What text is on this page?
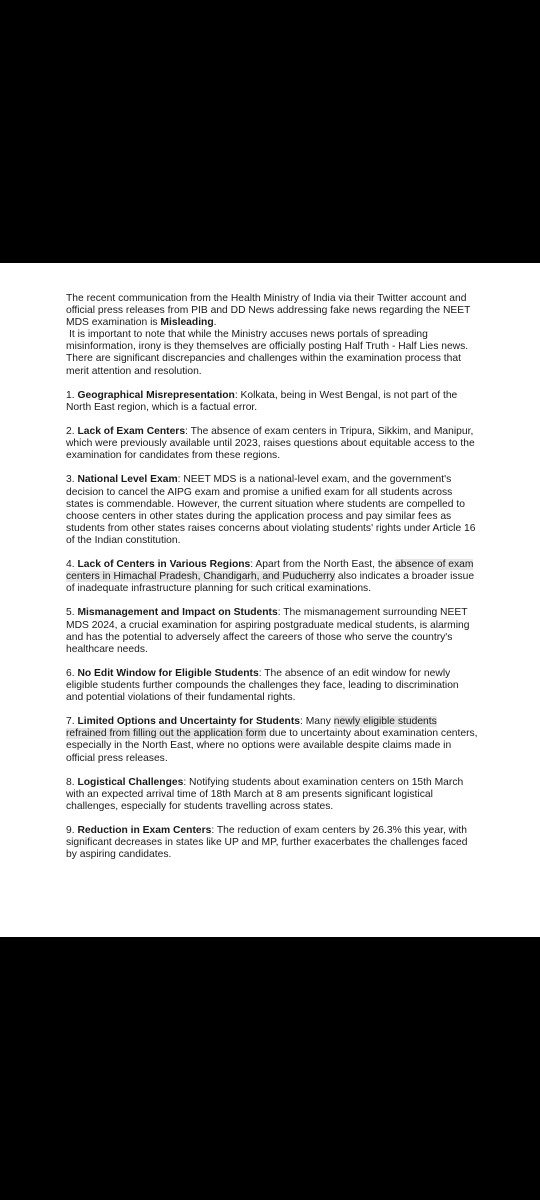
The recent communication from the Health Ministry of India via their Twitter account and official press releases from PIB and DD News addressing fake news regarding the NEET MDS examination is Misleading.
It is important to note that while the Ministry accuses news portals of spreading misinformation, irony is they themselves are officially posting Half Truth - Half Lies news. There are significant discrepancies and challenges within the examination process that merit attention and resolution.

1. Geographical Misrepresentation: Kolkata, being in West Bengal, is not part of the North East region, which is a factual error.

2. Lack of Exam Centers: The absence of exam centers in Tripura, Sikkim, and Manipur, which were previously available until 2023, raises questions about equitable access to the examination for candidates from these regions.

3. National Level Exam: NEET MDS is a national-level exam, and the government's decision to cancel the AIPG exam and promise a unified exam for all students across states is commendable. However, the current situation where students are compelled to choose centers in other states during the application process and pay similar fees as students from other states raises concerns about violating students' rights under Article 16 of the Indian constitution.

4. Lack of Centers in Various Regions: Apart from the North East, the absence of exam centers in Himachal Pradesh, Chandigarh, and Puducherry also indicates a broader issue of inadequate infrastructure planning for such critical examinations.

5. Mismanagement and Impact on Students: The mismanagement surrounding NEET MDS 2024, a crucial examination for aspiring postgraduate medical students, is alarming and has the potential to adversely affect the careers of those who serve the country's healthcare needs.

6. No Edit Window for Eligible Students: The absence of an edit window for newly eligible students further compounds the challenges they face, leading to discrimination and potential violations of their fundamental rights.

7. Limited Options and Uncertainty for Students: Many newly eligible students refrained from filling out the application form due to uncertainty about examination centers, especially in the North East, where no options were available despite claims made in official press releases.

8. Logistical Challenges: Notifying students about examination centers on 15th March with an expected arrival time of 18th March at 8 am presents significant logistical challenges, especially for students travelling across states.

9. Reduction in Exam Centers: The reduction of exam centers by 26.3% this year, with significant decreases in states like UP and MP, further exacerbates the challenges faced by aspiring candidates.
